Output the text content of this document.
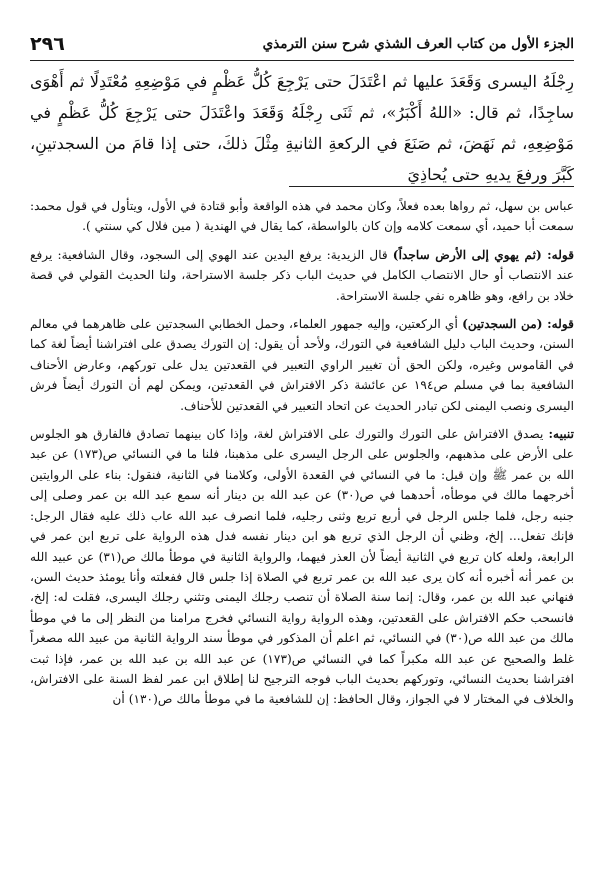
الجزء الأول من كتاب العرف الشذي شرح سنن الترمذي
٢٩٦
رِجْلَهُ اليسرى وَقَعَدَ عليها ثم اعْتَدَلَ حتى يَرْجِعَ كُلُّ عَظْمٍ في مَوْضِعِهِ مُعْتَدِلًا ثم أَهْوَى ساجِدًا، ثم قال: «اللهُ أَكْبَرُ»، ثم ثَنَى رِجْلَهُ وَقَعَدَ واعْتَدَلَ حتى يَرْجِعَ كُلُّ عَظْمٍ في مَوْضِعِهِ، ثم نَهَضَ، ثم صَنَعَ في الركعةِ الثانيةِ مِثْلَ ذلكَ، حتى إذا قامَ من السجدتينِ، كَبَّرَ ورفعَ يديهِ حتى يُحاذِيَ

عباس بن سهل، ثم رواها بعده فعلاً، وكان محمد في هذه الواقعة وأبو قتادة في الأول، ويتأول في قول محمد: سمعت أبا حميد، أي سمعت كلامه وإن كان بالواسطة، كما يقال في الهندية ( مين فلال كي سنتي ).

قوله: (ثم يهوي إلى الأرض ساجداً) قال الزيدية: يرفع اليدين عند الهوي إلى السجود، وقال الشافعية: يرفع عند الانتصاب أو حال الانتصاب الكامل في حديث الباب ذكر جلسة الاستراحة، ولنا الحديث القولي في قصة خلاد بن رافع، وهو ظاهره نفي جلسة الاستراحة.

قوله: (من السجدتين) أي الركعتين، وإليه جمهور العلماء، وحمل الخطابي السجدتين على ظاهرهما في معالم السنن، وحديث الباب دليل الشافعية في التورك، ولأحد أن يقول: إن التورك يصدق على افتراشنا أيضاً لغة كما في القاموس وغيره، ولكن الحق أن تغيير الراوي التعبير في القعدتين يدل على توركهم، وعارض الأحناف الشافعية بما في مسلم ص١٩٤ عن عائشة ذكر الافتراش في القعدتين، ويمكن لهم أن التورك أيضاً فرش اليسرى ونصب اليمنى لكن تبادر الحديث عن اتحاد التعبير في القعدتين للأحناف.

تنبيه: يصدق الافتراش على التورك والتورك على الافتراش لغة، وإذا كان بينهما تصادق فالفارق هو الجلوس على الأرض على مذهبهم، والجلوس على الرجل اليسرى على مذهبنا، فلنا ما في النسائي ص(١٧٣) عن عبد الله بن عمر ﷺ وإن قيل: ما في النسائي في القعدة الأولى، وكلامنا في الثانية، فنقول: بناء على الروايتين أخرجهما مالك في موطأه، أحدهما في ص(٣٠) عن عبد الله بن دينار أنه سمع عبد الله بن عمر وصلى إلى جنبه رجل، فلما جلس الرجل في أربع تربع وثنى رجليه، فلما انصرف عبد الله عاب ذلك عليه فقال الرجل: فإنك تفعل... إلخ، وظني أن الرجل الذي تربع هو ابن دينار نفسه فدل هذه الرواية على تربع ابن عمر في الرابعة، ولعله كان تربع في الثانية أيضاً لأن العذر فيهما، والرواية الثانية في موطأ مالك ص(٣١) عن عبيد الله بن عمر أنه أخبره أنه كان يرى عبد الله بن عمر تربع في الصلاة إذا جلس قال ففعلته وأنا يومئذ حديث السن، فنهاني عبد الله بن عمر، وقال: إنما سنة الصلاة أن تنصب رجلك اليمنى وتثني رجلك اليسرى، فقلت له: إلخ، فانسحب حكم الافتراش على القعدتين، وهذه الرواية رواية النسائي فخرج مرامنا من النظر إلى ما في موطأ مالك من عبد الله ص(٣٠) في النسائي، ثم اعلم أن المذكور في موطأ سند الرواية الثانية من عبيد الله مصغراً غلط والصحيح عن عبد الله مكبراً كما في النسائي ص(١٧٣) عن عبد الله بن عبد الله بن عمر، فإذا ثبت افتراشنا بحديث النسائي، وتوركهم بحديث الباب فوجه الترجيح لنا إطلاق ابن عمر لفظ السنة على الافتراش، والخلاف في المختار لا في الجواز، وقال الحافظ: إن للشافعية ما في موطأ مالك ص(١٣٠) أن
